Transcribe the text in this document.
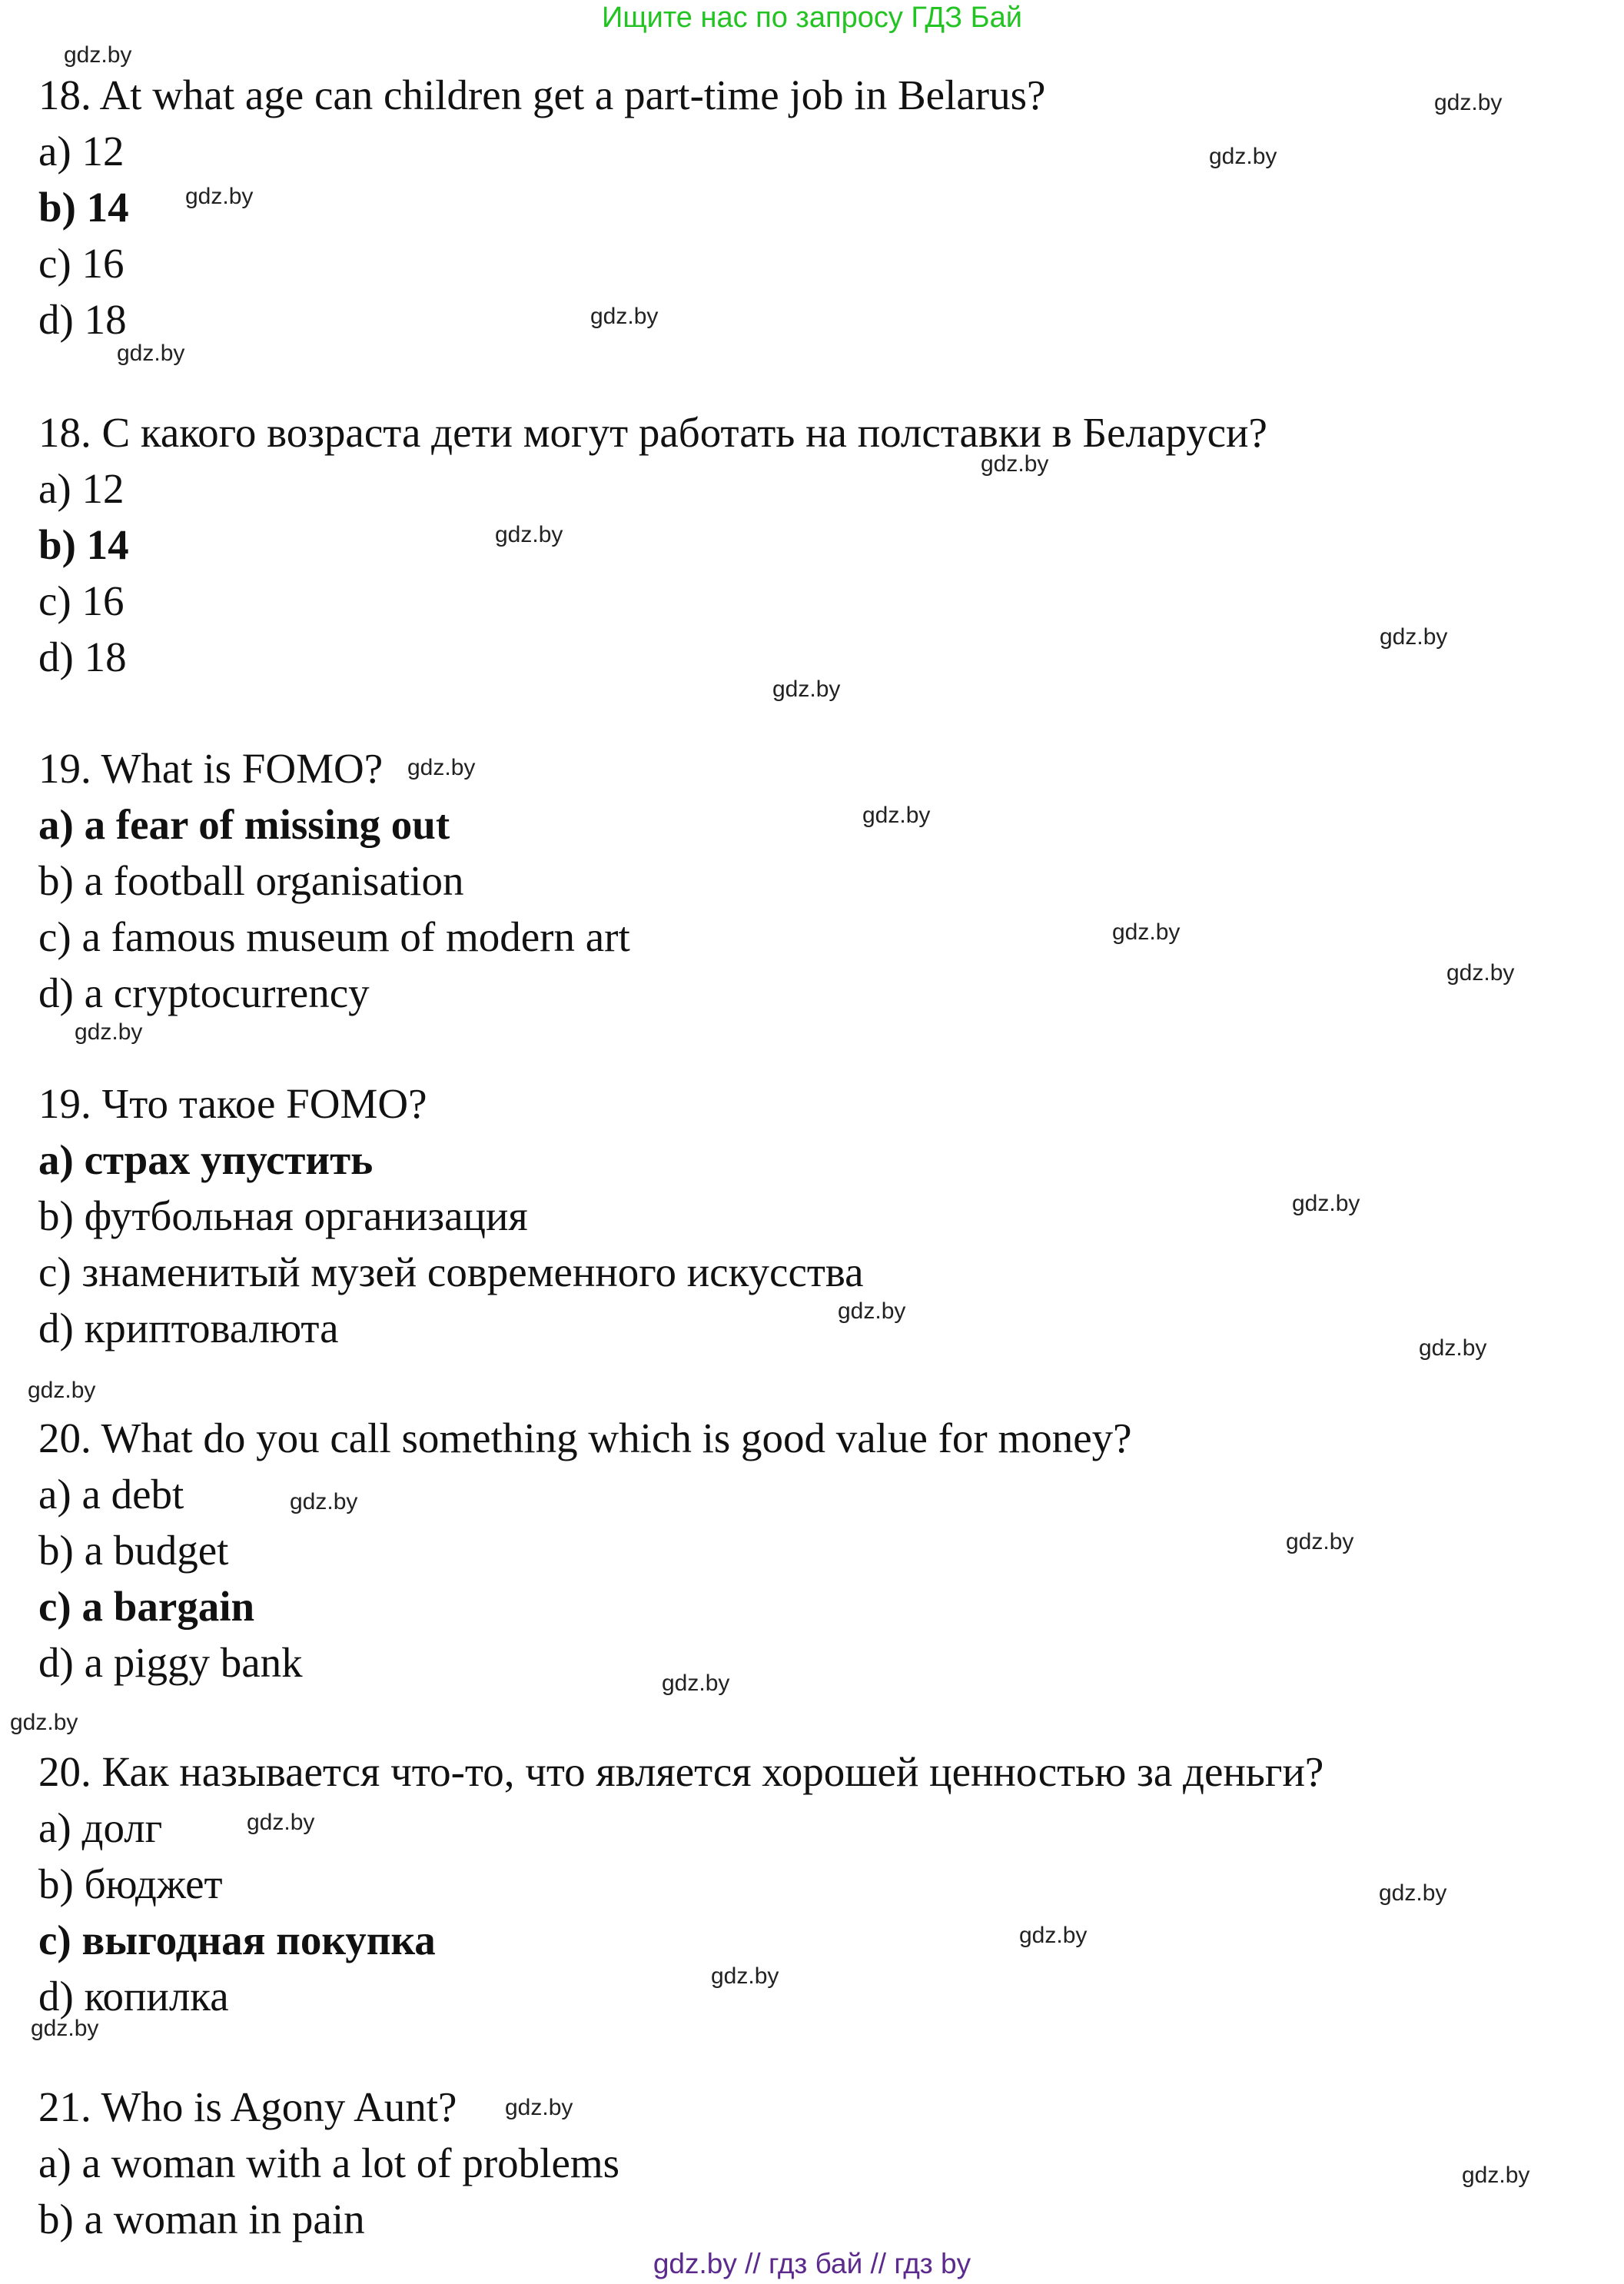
Ищите нас по запросу ГДЗ Бай
18. At what age can children get a part-time job in Belarus?
a) 12
b) 14
c) 16
d) 18
18. С какого возраста дети могут работать на полставки в Беларуси?
a) 12
b) 14
c) 16
d) 18
19. What is FOMO?
a) a fear of missing out
b) a football organisation
c) a famous museum of modern art
d) a cryptocurrency
19. Что такое FOMO?
a) страх упустить
b) футбольная организация
c) знаменитый музей современного искусства
d) криптовалюта
20. What do you call something which is good value for money?
a) a debt
b) a budget
c) a bargain
d) a piggy bank
20. Как называется что-то, что является хорошей ценностью за деньги?
a) долг
b) бюджет
c) выгодная покупка
d) копилка
21. Who is Agony Aunt?
a) a woman with a lot of problems
b) a woman in pain
gdz.by
gdz.by
gdz.by
gdz.by
gdz.by
gdz.by
gdz.by
gdz.by
gdz.by
gdz.by
gdz.by
gdz.by
gdz.by
gdz.by
gdz.by
gdz.by
gdz.by
gdz.by
gdz.by
gdz.by
gdz.by
gdz.by
gdz.by
gdz.by
gdz.by
gdz.by
gdz.by
gdz.by
gdz.by
gdz.by
gdz.by // гдз бай // гдз by
